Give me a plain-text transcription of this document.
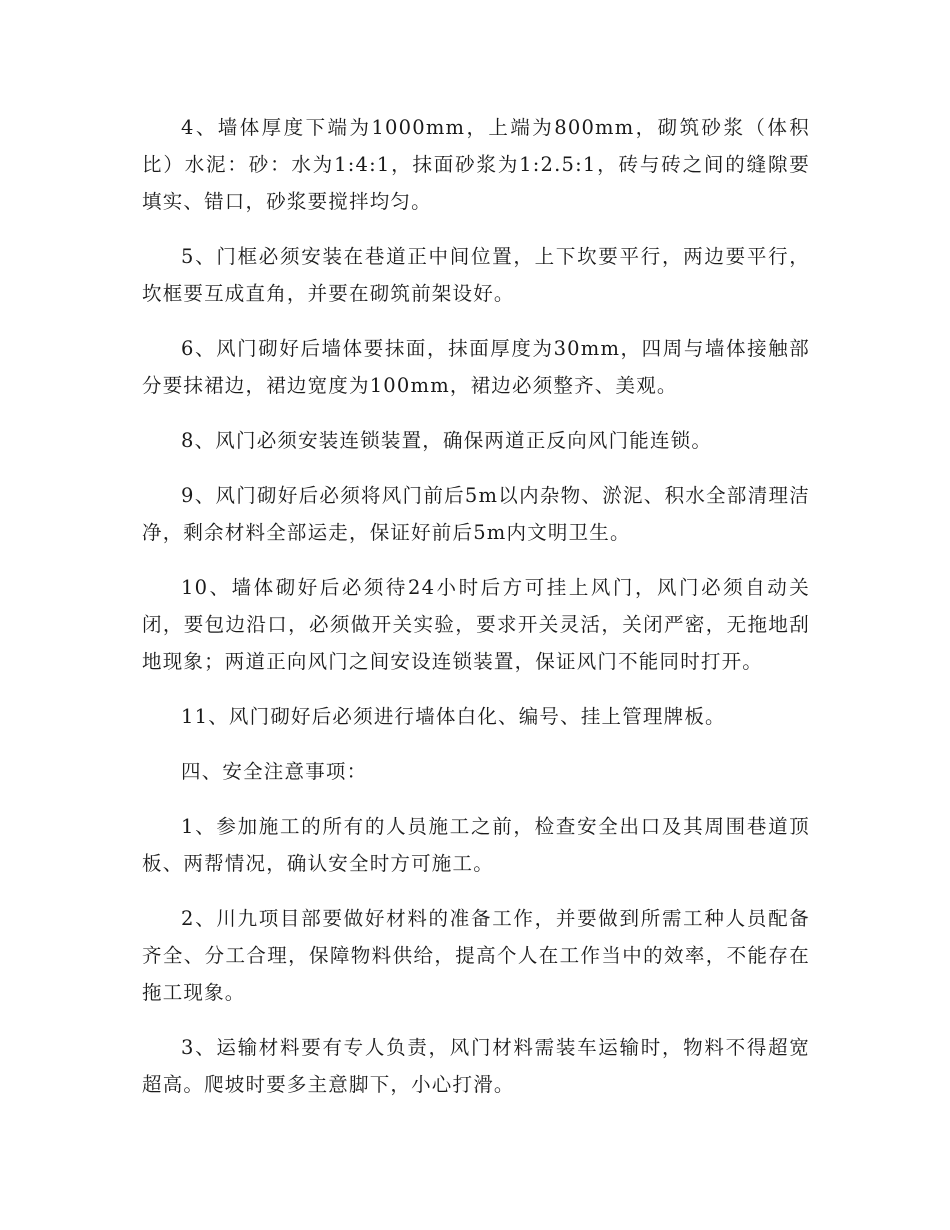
4、墙体厚度下端为1000mm，上端为800mm，砌筑砂浆（体积比）水泥：砂：水为1:4:1，抹面砂浆为1:2.5:1，砖与砖之间的缝隙要填实、错口，砂浆要搅拌均匀。

5、门框必须安装在巷道正中间位置，上下坎要平行，两边要平行，坎框要互成直角，并要在砌筑前架设好。

6、风门砌好后墙体要抹面，抹面厚度为30mm，四周与墙体接触部分要抹裙边，裙边宽度为100mm，裙边必须整齐、美观。

8、风门必须安装连锁装置，确保两道正反向风门能连锁。

9、风门砌好后必须将风门前后5m以内杂物、淤泥、积水全部清理洁净，剩余材料全部运走，保证好前后5m内文明卫生。

10、墙体砌好后必须待24小时后方可挂上风门，风门必须自动关闭，要包边沿口，必须做开关实验，要求开关灵活，关闭严密，无拖地刮地现象；两道正向风门之间安设连锁装置，保证风门不能同时打开。

11、风门砌好后必须进行墙体白化、编号、挂上管理牌板。

四、安全注意事项：

1、参加施工的所有的人员施工之前，检查安全出口及其周围巷道顶板、两帮情况，确认安全时方可施工。

2、川九项目部要做好材料的准备工作，并要做到所需工种人员配备齐全、分工合理，保障物料供给，提高个人在工作当中的效率，不能存在拖工现象。

3、运输材料要有专人负责，风门材料需装车运输时，物料不得超宽超高。爬坡时要多主意脚下，小心打滑。
